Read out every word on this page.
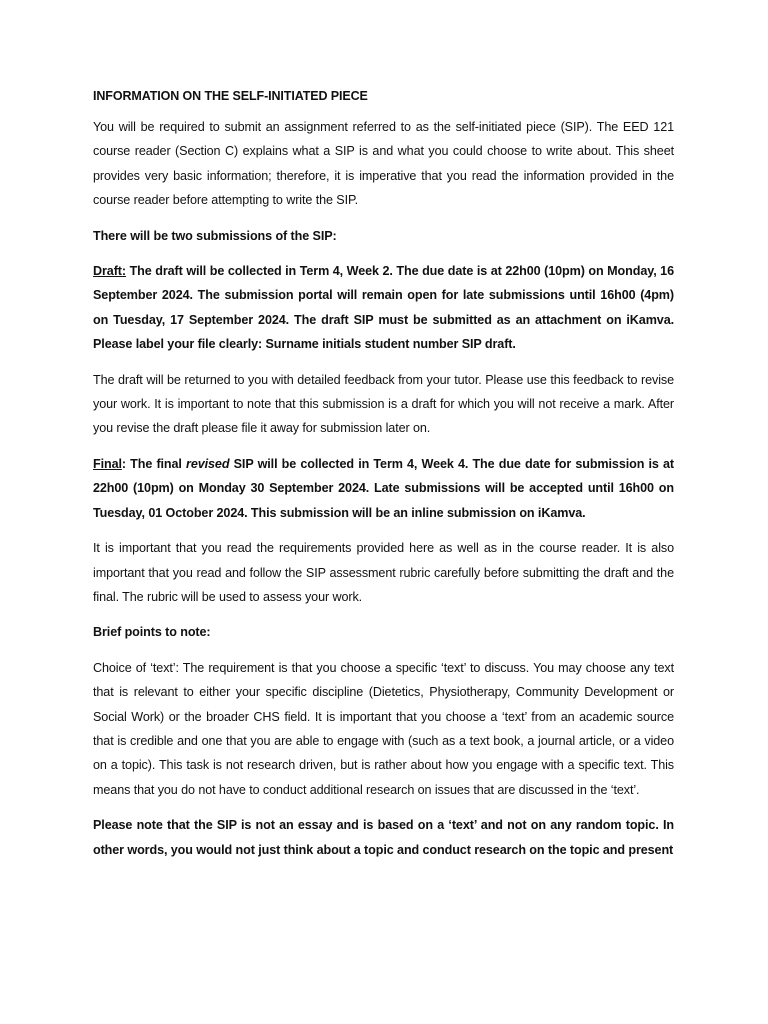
INFORMATION ON THE SELF-INITIATED PIECE

You will be required to submit an assignment referred to as the self-initiated piece (SIP). The EED 121 course reader (Section C) explains what a SIP is and what you could choose to write about. This sheet provides very basic information; therefore, it is imperative that you read the information provided in the course reader before attempting to write the SIP.

There will be two submissions of the SIP:

Draft: The draft will be collected in Term 4, Week 2. The due date is at 22h00 (10pm) on Monday, 16 September 2024. The submission portal will remain open for late submissions until 16h00 (4pm) on Tuesday, 17 September 2024. The draft SIP must be submitted as an attachment on iKamva. Please label your file clearly: Surname initials student number SIP draft.

The draft will be returned to you with detailed feedback from your tutor. Please use this feedback to revise your work. It is important to note that this submission is a draft for which you will not receive a mark. After you revise the draft please file it away for submission later on.

Final: The final revised SIP will be collected in Term 4, Week 4. The due date for submission is at 22h00 (10pm) on Monday 30 September 2024. Late submissions will be accepted until 16h00 on Tuesday, 01 October 2024. This submission will be an inline submission on iKamva.

It is important that you read the requirements provided here as well as in the course reader. It is also important that you read and follow the SIP assessment rubric carefully before submitting the draft and the final. The rubric will be used to assess your work.

Brief points to note:

Choice of ‘text’: The requirement is that you choose a specific ‘text’ to discuss. You may choose any text that is relevant to either your specific discipline (Dietetics, Physiotherapy, Community Development or Social Work) or the broader CHS field. It is important that you choose a ‘text’ from an academic source that is credible and one that you are able to engage with (such as a text book, a journal article, or a video on a topic). This task is not research driven, but is rather about how you engage with a specific text. This means that you do not have to conduct additional research on issues that are discussed in the ‘text’.

Please note that the SIP is not an essay and is based on a ‘text’ and not on any random topic. In other words, you would not just think about a topic and conduct research on the topic and present
